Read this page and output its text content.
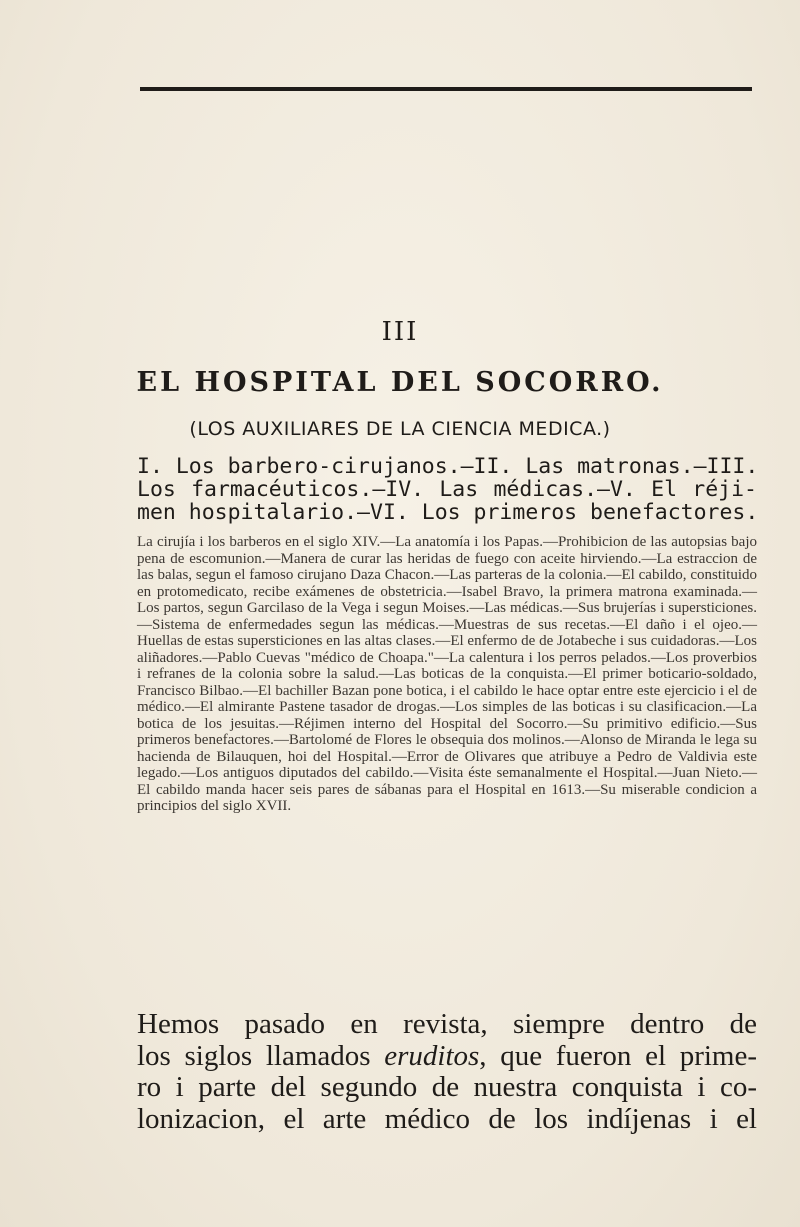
III
EL HOSPITAL DEL SOCORRO.
(LOS AUXILIARES DE LA CIENCIA MEDICA.)
I. Los barbero-cirujanos.—II. Las matronas.—III.
Los farmacéuticos.—IV. Las médicas.—V. El réji-
men hospitalario.—VI. Los primeros benefactores.
La cirujía i los barberos en el siglo XIV.—La anatomía i los Papas.—Prohibicion de las autopsias bajo pena de escomunion.—Manera de curar las heridas de fuego con aceite hirviendo.—La estraccion de las balas, segun el famoso cirujano Daza Chacon.—Las parteras de la colonia.—El cabildo, constituido en protomedicato, recibe exámenes de obstetricia.—Isabel Bravo, la primera matrona examinada.—Los partos, segun Garcilaso de la Vega i segun Moises.—Las médicas.—Sus brujerías i supersticiones.—Sistema de enfermedades segun las médicas.—Muestras de sus recetas.—El daño i el ojeo.—Huellas de estas supersticiones en las altas clases.—El enfermo de de Jotabeche i sus cuidadoras.—Los aliñadores.—Pablo Cuevas "médico de Choapa."—La calentura i los perros pelados.—Los proverbios i refranes de la colonia sobre la salud.—Las boticas de la conquista.—El primer boticario-soldado, Francisco Bilbao.—El bachiller Bazan pone botica, i el cabildo le hace optar entre este ejercicio i el de médico.—El almirante Pastene tasador de drogas.—Los simples de las boticas i su clasificacion.—La botica de los jesuitas.—Réjimen interno del Hospital del Socorro.—Su primitivo edificio.—Sus primeros benefactores.—Bartolomé de Flores le obsequia dos molinos.—Alonso de Miranda le lega su hacienda de Bilauquen, hoi del Hospital.—Error de Olivares que atribuye a Pedro de Valdivia este legado.—Los antiguos diputados del cabildo.—Visita éste semanalmente el Hospital.—Juan Nieto.—El cabildo manda hacer seis pares de sábanas para el Hospital en 1613.—Su miserable condicion a principios del siglo XVII.
Hemos pasado en revista, siempre dentro de
los siglos llamados eruditos, que fueron el prime-
ro i parte del segundo de nuestra conquista i co-
lonizacion, el arte médico de los indíjenas i el
